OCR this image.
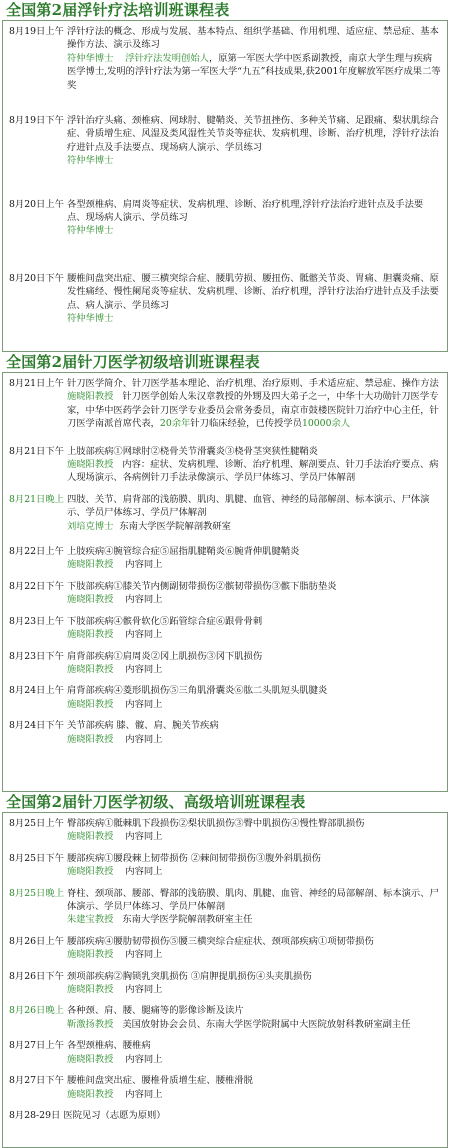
全国第2届浮针疗法培训班课程表
8月19日上午 浮针疗法的概念、形成与发展、基本特点、组织学基础、作用机理、适应症、禁忌症、基本操作方法、演示及练习
符仲华博士 浮针疗法发明创始人，原第一军医大学中医系副教授，南京大学生理与疾病医学博士,发明的浮针疗法为第一军医大学“九五”科技成果,获2001年度解放军医疗成果二等奖
8月19日下午 浮针治疗头痛、颈椎病、网球肘、腱鞘炎、关节扭挫伤、多种关节痛、足跟痛、梨状肌综合症、骨质增生症、风湿及类风湿性关节炎等症状、发病机理、诊断、治疗机理，浮针疗法治疗进针点及手法要点、现场病人演示、学员练习
符仲华博士
8月20日上午 各型颈椎病、肩周炎等症状、发病机理、诊断、治疗机理,浮针疗法治疗进针点及手法要点、现场病人演示、学员练习
符仲华博士
8月20日下午 腰椎间盘突出症、腰三横突综合症、腰肌劳损、腰扭伤、骶髂关节炎、胃痛、胆囊炎痛、原发性痛经、慢性阑尾炎等症状、发病机理、诊断、治疗机理，浮针疗法治疗进针点及手法要点、病人演示、学员练习
符仲华博士
全国第2届针刀医学初级培训班课程表
8月21日上午 针刀医学简介、针刀医学基本理论、治疗机理、治疗原则、手术适应症、禁忌症、操作方法
施晓阳教授 针刀医学创始人朱汉章教授的外甥及四大弟子之一，中华十大功勋针刀医学专家，中华中医药学会针刀医学专业委员会常务委员，南京市鼓楼医院针刀治疗中心主任，针刀医学南派首席代表，20余年针刀临床经验，已传授学员10000余人
8月21日下午 上肢部疾病①网球肘②桡骨关节滑囊炎③桡骨茎突狭性腱鞘炎
施晓阳教授 内容：症状、发病机理、诊断、治疗机理、解剖要点、针刀手法治疗要点、病人现场演示、各病例针刀手法录像演示、学员尸体练习、学员尸体解剖
8月21日晚上 四肢、关节、肩背部的浅筋膜、肌肉、肌腱、血管、神经的局部解剖、标本演示、尸体演示、学员尸体练习、学员尸体解剖
刘培克博士 东南大学医学院解剖教研室
8月22日上午 上肢疾病④腕管综合症⑤屈指肌腱鞘炎⑥腕背伸肌腱鞘炎
施晓阳教授 内容同上
8月22日下午 下肢部疾病①膝关节内侧副韧带损伤②髌韧带损伤③髌下脂肪垫炎
施晓阳教授 内容同上
8月23日上午 下肢部疾病④髌骨软化⑤跖管综合症⑥跟骨骨刺
施晓阳教授 内容同上
8月23日下午 肩背部疾病①肩周炎②冈上肌损伤③冈下肌损伤
施晓阳教授 内容同上
8月24日上午 肩背部疾病④菱形肌损伤⑤三角肌滑囊炎⑥肱二头肌短头肌腱炎
施晓阳教授 内容同上
8月24日下午 关节部疾病 膝、髋、肩、腕关节疾病
施晓阳教授 内容同上
全国第2届针刀医学初级、高级培训班课程表
8月25日上午 臀部疾病①骶棘肌下段损伤②梨状肌损伤③臀中肌损伤④慢性臀部肌损伤
施晓阳教授 内容同上
8月25日下午 腰部疾病①腰段棘上韧带损伤 ②棘间韧带损伤③腹外斜肌损伤
施晓阳教授 内容同上
8月25日晚上 脊柱、颈项部、腰部、臀部的浅筋膜、肌肉、肌腱、血管、神经的局部解剖、标本演示、尸体演示、学员尸体练习、学员尸体解剖
朱建宝教授 东南大学医学院解剖教研室主任
8月26日上午 腰部疾病④腰肋韧带损伤⑤腰三横突综合症症状、颈项部疾病①项韧带损伤
施晓阳教授 内容同上
8月26日下午 颈项部疾病②胸锁乳突肌损伤 ③肩胛提肌损伤④头夹肌损伤
施晓阳教授 内容同上
8月26日晚上 各种颈、肩、腰、腿痛等的影像诊断及读片
靳激扬教授 美国放射协会会员、东南大学医学院附属中大医院放射科教研室副主任
8月27日上午 各型颈椎病、腰椎病
施晓阳教授 内容同上
8月27日下午 腰椎间盘突出症、腰椎骨质增生症、腰椎滑脱
施晓阳教授 内容同上
8月28-29日 医院见习（志愿为原则）
